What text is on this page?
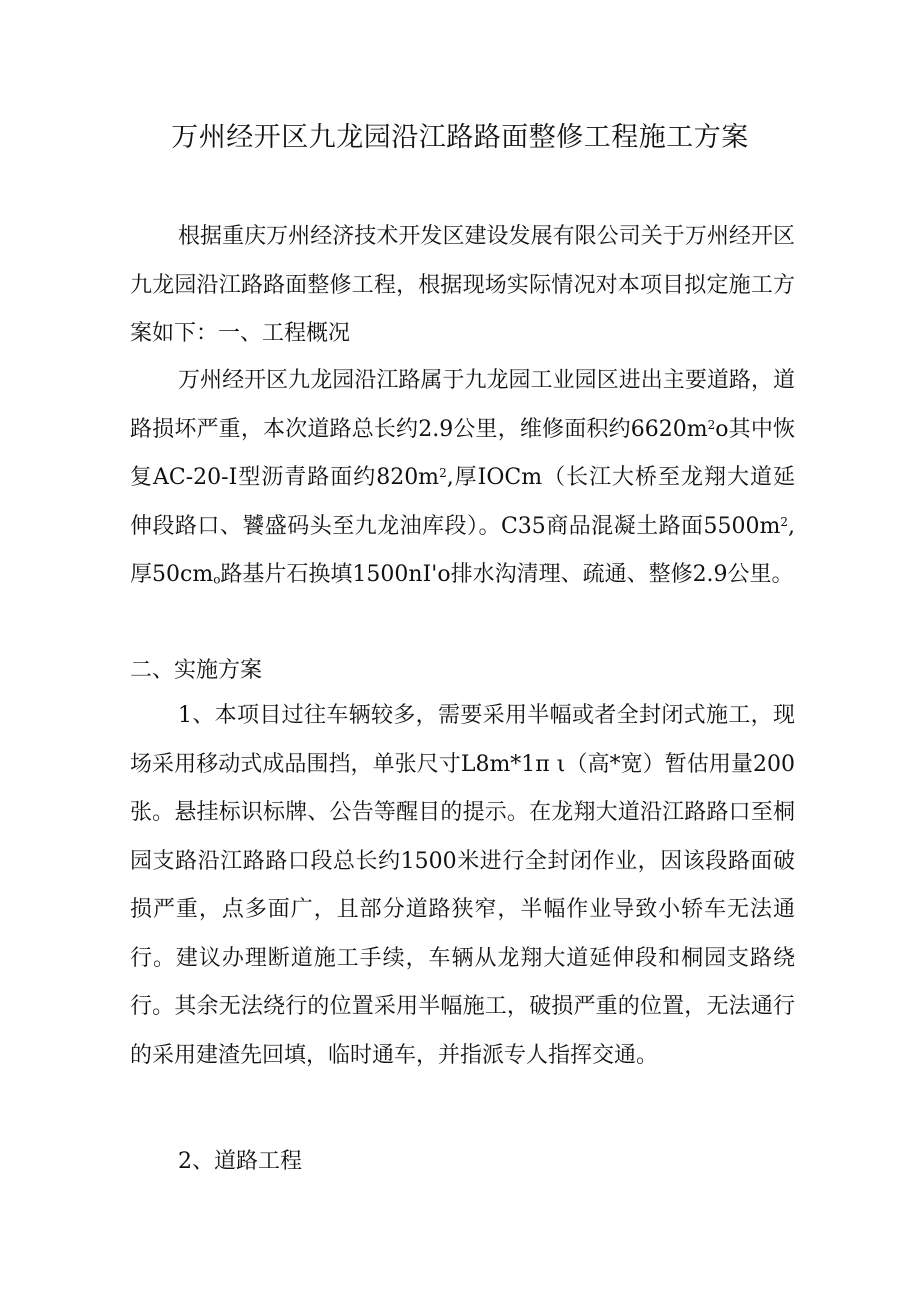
万州经开区九龙园沿江路路面整修工程施工方案

根据重庆万州经济技术开发区建设发展有限公司关于万州经开区九龙园沿江路路面整修工程，根据现场实际情况对本项目拟定施工方案如下：一、工程概况

万州经开区九龙园沿江路属于九龙园工业园区进出主要道路，道路损坏严重，本次道路总长约2.9公里，维修面积约$6620m^2o$其中恢复AC-20-I型沥青路面约$820m^2$,厚IOCm（长江大桥至龙翔大道延伸段路口、饕盛码头至九龙油库段）。C35商品混凝土路面$5500m^2$,厚$50cm_o$路基片石换填1500nI'o排水沟清理、疏通、整修2.9公里。

二、实施方案

1、本项目过往车辆较多，需要采用半幅或者全封闭式施工，现场采用移动式成品围挡，单张尺寸L8m*1π ι（高*宽）暂估用量200张。悬挂标识标牌、公告等醒目的提示。在龙翔大道沿江路路口至桐园支路沿江路路口段总长约1500米进行全封闭作业，因该段路面破损严重，点多面广，且部分道路狭窄，半幅作业导致小轿车无法通行。建议办理断道施工手续，车辆从龙翔大道延伸段和桐园支路绕行。其余无法绕行的位置采用半幅施工，破损严重的位置，无法通行的采用建渣先回填，临时通车，并指派专人指挥交通。

2、道路工程
